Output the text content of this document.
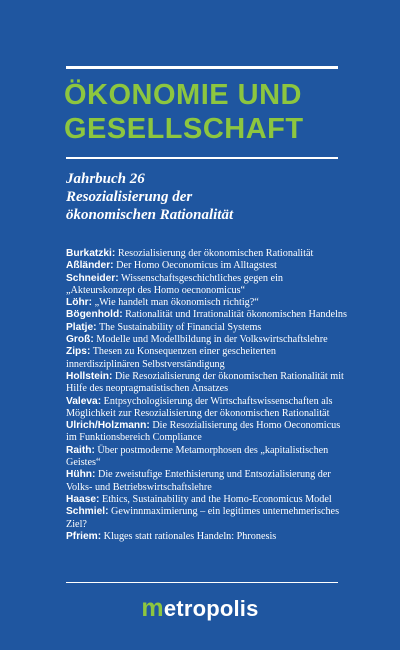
ÖKONOMIE UND
GESELLSCHAFT
Jahrbuch 26
Resozialisierung der
ökonomischen Rationalität

Burkatzki: Resozialisierung der ökonomischen Rationalität

Aßländer: Der Homo Oeconomicus im Alltagstest

Schneider: Wissenschaftsgeschichtliches gegen ein „Akteurskonzept des Homo oecnonomicus“

Löhr: „Wie handelt man ökonomisch richtig?“

Bögenhold: Rationalität und Irrationalität ökonomischen Handelns

Platje: The Sustainability of Financial Systems

Groß: Modelle und Modellbildung in der Volkswirtschaftslehre

Zips: Thesen zu Konsequenzen einer gescheiterten innerdisziplinären Selbstverständigung

Hollstein: Die Resozialisierung der ökonomischen Rationalität mit Hilfe des neopragmatistischen Ansatzes

Valeva: Entpsychologisierung der Wirtschaftswissenschaften als Möglichkeit zur Resozialisierung der ökonomischen Rationalität

Ulrich/Holzmann: Die Resozialisierung des Homo Oeconomicus im Funktionsbereich Compliance

Raith: Über postmoderne Metamorphosen des „kapitalistischen Geistes“

Hühn: Die zweistufige Entethisierung und Entsozialisierung der Volks- und Betriebswirtschaftslehre

Haase: Ethics, Sustainability and the Homo-Economicus Model

Schmiel: Gewinnmaximierung – ein legitimes unternehmerisches Ziel?

Pfriem: Kluges statt rationales Handeln: Phronesis

metropolis
